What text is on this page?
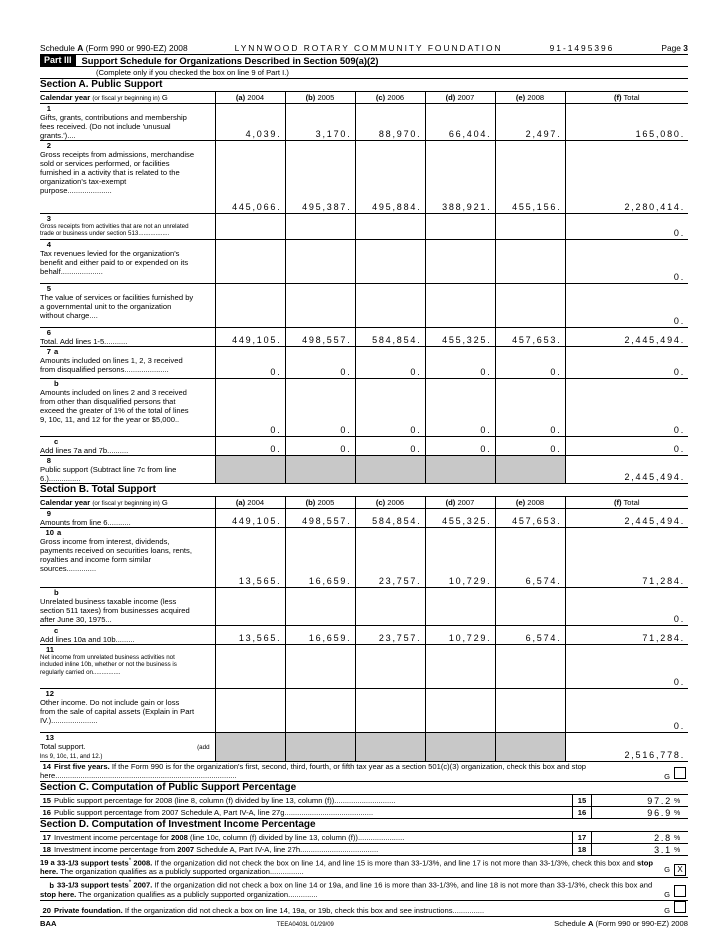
Schedule A (Form 990 or 990-EZ) 2008	LYNNWOOD ROTARY COMMUNITY FOUNDATION	91-1495396	Page 3
Part III	Support Schedule for Organizations Described in Section 509(a)(2)
(Complete only if you checked the box on line 9 of Part I.)
Section A. Public Support
Calendar year (or fiscal yr beginning in) G	(a) 2004	(b) 2005	(c) 2006	(d) 2007	(e) 2008	(f) Total
1Gifts, grants, contributions and membership fees received. (Do not include 'unusual grants.')....	4,039.	3,170.	88,970.	66,404.	2,497.	165,080.
2Gross receipts from admissions, merchandise sold or services performed, or facilities furnished in a activity that is related to the organization's tax-exempt purpose.....................	445,066.	495,387.	495,884.	388,921.	455,156.	2,280,414.
3Gross receipts from activities that are not an unrelated trade or business under section 513..................						0.
4Tax revenues levied for the organization's benefit and either paid to or expended on its behalf....................						0.
5The value of services or facilities furnished by a governmental unit to the organization without charge....						0.
6Total. Add lines 1-5...........	449,105.	498,557.	584,854.	455,325.	457,653.	2,445,494.
7 aAmounts included on lines 1, 2, 3 received from disqualified persons.....................	0.	0.	0.	0.	0.	0.
bAmounts included on lines 2 and 3 received from other than disqualified persons that exceed the greater of 1% of the total of lines 9, 10c, 11, and 12 for the year or $5,000..	0.	0.	0.	0.	0.	0.
cAdd lines 7a and 7b..........	0.	0.	0.	0.	0.	0.
8Public support (Subtract line 7c from line 6.)...............						2,445,494.
Section B. Total Support
Calendar year (or fiscal yr beginning in) G	(a) 2004	(b) 2005	(c) 2006	(d) 2007	(e) 2008	(f) Total
9Amounts from line 6...........	449,105.	498,557.	584,854.	455,325.	457,653.	2,445,494.
10 aGross income from interest, dividends, payments received on securities loans, rents, royalties and income form similar sources..............	13,565.	16,659.	23,757.	10,729.	6,574.	71,284.
bUnrelated business taxable income (less section 511 taxes) from businesses acquired after June 30, 1975...						0.
cAdd lines 10a and 10b.........	13,565.	16,659.	23,757.	10,729.	6,574.	71,284.
11Net income from unrelated business activities not included inline 10b, whether or not the business is regularly carried on................						0.
12Other income. Do not include gain or loss from the sale of capital assets (Explain in Part IV.)......................						0.
13Total support. (add lns 9, 10c, 11, and 12.)						2,516,778.
14 First five years. If the Form 990 is for the organization's first, second, third, fourth, or fifth tax year as a section 501(c)(3) organization, check this box and stop here......................................................................................	G
Section C. Computation of Public Support Percentage
15 Public support percentage for 2008 (line 8, column (f) divided by line 13, column (f)).............................	15	97.2 %
16 Public support percentage from 2007 Schedule A, Part IV-A, line 27g..........................................	16	96.9 %
Section D. Computation of Investment Income Percentage
17 Investment income percentage for 2008 (line 10c, column (f) divided by line 13, column (f))......................	17	2.8 %
18 Investment income percentage from 2007 Schedule A, Part IV-A, line 27h.....................................	18	3.1 %
19 a 33-1/3 support tests* 2008. If the organization did not check the box on line 14, and line 15 is more than 33-1/3%, and line 17 is not more than 33-1/3%, check this box and stop here. The organization qualifies as a publicly supported organization................	G X
b 33-1/3 support tests* 2007. If the organization did not check a box on line 14 or 19a, and line 16 is more than 33-1/3%, and line 18 is not more than 33-1/3%, check this box and stop here. The organization qualifies as a publicly supported organization..............	G
20 Private foundation. If the organization did not check a box on line 14, 19a, or 19b, check this box and see instructions...............	G
BAA	TEEA0403L 01/29/09	Schedule A (Form 990 or 990-EZ) 2008
